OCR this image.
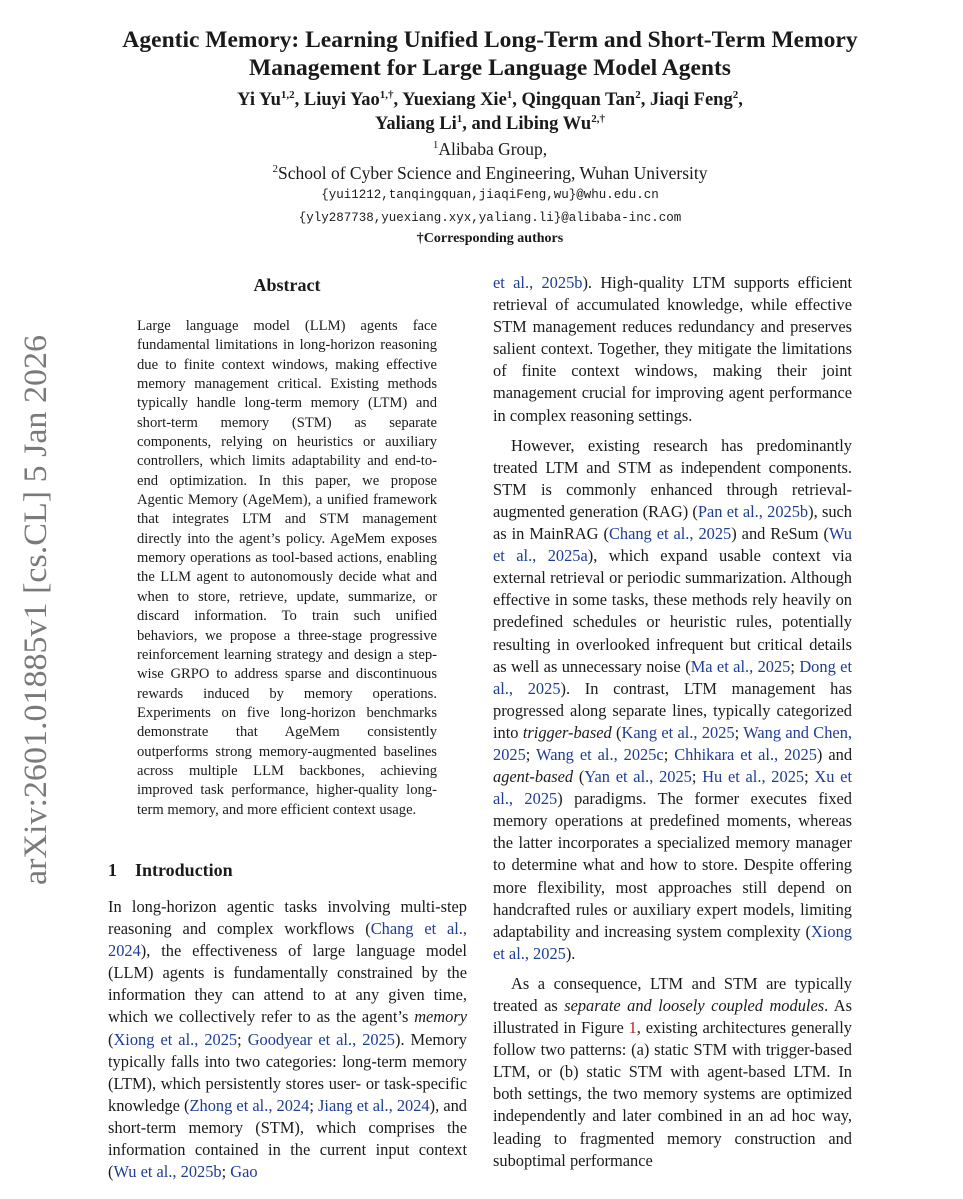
arXiv:2601.01885v1 [cs.CL] 5 Jan 2026
Agentic Memory: Learning Unified Long-Term and Short-Term Memory
Management for Large Language Model Agents
Yi Yu$^{1,2}$, Liuyi Yao$^{1,\dagger}$, Yuexiang Xie$^1$, Qingquan Tan$^2$, Jiaqi Feng$^2$,
Yaliang Li$^1$, and Libing $Wu^{2,\dagger}$
$^1$Alibaba Group,
$^2$School of Cyber Science and Engineering, Wuhan University
{yui1212,tanqingquan,jiaqiFeng,wu}@whu.edu.cn
{yly287738,yuexiang.xyx,yaliang.li}@alibaba-inc.com
†Corresponding authors
Abstract
Large language model (LLM) agents face fundamental limitations in long-horizon reasoning due to finite context windows, making effective memory management critical. Existing methods typically handle long-term memory (LTM) and short-term memory (STM) as separate components, relying on heuristics or auxiliary controllers, which limits adaptability and end-to-end optimization. In this paper, we propose Agentic Memory (AgeMem), a unified framework that integrates LTM and STM management directly into the agent’s policy. AgeMem exposes memory operations as tool-based actions, enabling the LLM agent to autonomously decide what and when to store, retrieve, update, summarize, or discard information. To train such unified behaviors, we propose a three-stage progressive reinforcement learning strategy and design a step-wise GRPO to address sparse and discontinuous rewards induced by memory operations. Experiments on five long-horizon benchmarks demonstrate that AgeMem consistently outperforms strong memory-augmented baselines across multiple LLM backbones, achieving improved task performance, higher-quality long-term memory, and more efficient context usage.
1 Introduction
In long-horizon agentic tasks involving multi-step reasoning and complex workflows (Chang et al., 2024), the effectiveness of large language model (LLM) agents is fundamentally constrained by the information they can attend to at any given time, which we collectively refer to as the agent’s memory (Xiong et al., 2025; Goodyear et al., 2025). Memory typically falls into two categories: long-term memory (LTM), which persistently stores user- or task-specific knowledge (Zhong et al., 2024; Jiang et al., 2024), and short-term memory (STM), which comprises the information contained in the current input context (Wu et al., 2025b; Gao

et al., 2025b). High-quality LTM supports efficient retrieval of accumulated knowledge, while effective STM management reduces redundancy and preserves salient context. Together, they mitigate the limitations of finite context windows, making their joint management crucial for improving agent performance in complex reasoning settings.

However, existing research has predominantly treated LTM and STM as independent components. STM is commonly enhanced through retrieval-augmented generation (RAG) (Pan et al., 2025b), such as in MainRAG (Chang et al., 2025) and ReSum (Wu et al., 2025a), which expand usable context via external retrieval or periodic summarization. Although effective in some tasks, these methods rely heavily on predefined schedules or heuristic rules, potentially resulting in overlooked infrequent but critical details as well as unnecessary noise (Ma et al., 2025; Dong et al., 2025). In contrast, LTM management has progressed along separate lines, typically categorized into trigger-based (Kang et al., 2025; Wang and Chen, 2025; Wang et al., 2025c; Chhikara et al., 2025) and agent-based (Yan et al., 2025; Hu et al., 2025; Xu et al., 2025) paradigms. The former executes fixed memory operations at predefined moments, whereas the latter incorporates a specialized memory manager to determine what and how to store. Despite offering more flexibility, most approaches still depend on handcrafted rules or auxiliary expert models, limiting adaptability and increasing system complexity (Xiong et al., 2025).

As a consequence, LTM and STM are typically treated as separate and loosely coupled modules. As illustrated in Figure 1, existing architectures generally follow two patterns: (a) static STM with trigger-based LTM, or (b) static STM with agent-based LTM. In both settings, the two memory systems are optimized independently and later combined in an ad hoc way, leading to fragmented memory construction and suboptimal performance
